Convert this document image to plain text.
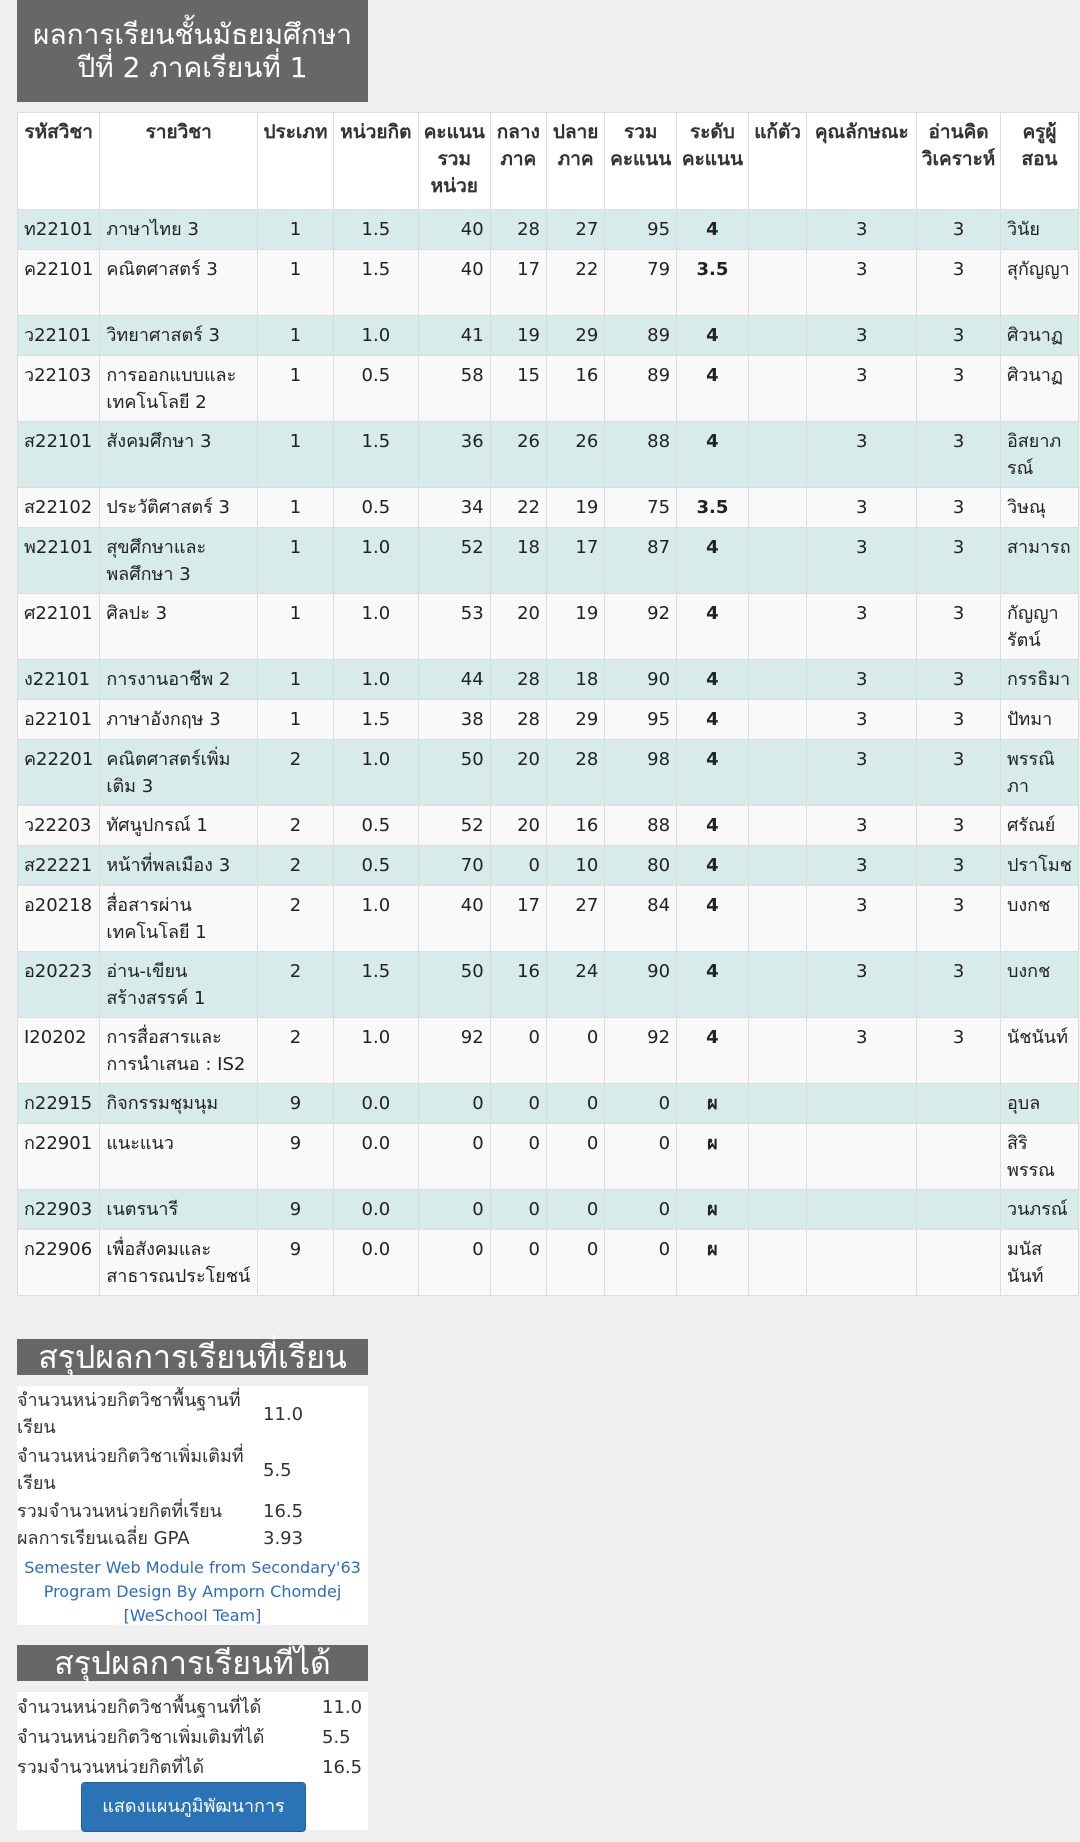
ผลการเรียนชั้นมัธยมศึกษาปีที่ 2 ภาคเรียนที่ 1
รหัสวิชา	รายวิชา	ประเภท	หน่วยกิต	คะแนนรวมหน่วย	กลางภาค	ปลายภาค	รวมคะแนน	ระดับคะแนน	แก้ตัว	คุณลักษณะ	อ่านคิดวิเคราะห์	ครูผู้สอน
ท22101	ภาษาไทย 3	1	1.5	40	28	27	95	4		3	3	วินัย
ค22101	คณิตศาสตร์ 3	1	1.5	40	17	22	79	3.5		3	3	สุกัญญา
ว22101	วิทยาศาสตร์ 3	1	1.0	41	19	29	89	4		3	3	ศิวนาฏ
ว22103	การออกแบบและเทคโนโลยี 2	1	0.5	58	15	16	89	4		3	3	ศิวนาฏ
ส22101	สังคมศึกษา 3	1	1.5	36	26	26	88	4		3	3	อิสยาภรณ์
ส22102	ประวัติศาสตร์ 3	1	0.5	34	22	19	75	3.5		3	3	วิษณุ
พ22101	สุขศึกษาและพลศึกษา 3	1	1.0	52	18	17	87	4		3	3	สามารถ
ศ22101	ศิลปะ 3	1	1.0	53	20	19	92	4		3	3	กัญญารัตน์
ง22101	การงานอาชีพ 2	1	1.0	44	28	18	90	4		3	3	กรรธิมา
อ22101	ภาษาอังกฤษ 3	1	1.5	38	28	29	95	4		3	3	ปัทมา
ค22201	คณิตศาสตร์เพิ่มเติม 3	2	1.0	50	20	28	98	4		3	3	พรรณิภา
ว22203	ทัศนูปกรณ์ 1	2	0.5	52	20	16	88	4		3	3	ศรัณย์
ส22221	หน้าที่พลเมือง 3	2	0.5	70	0	10	80	4		3	3	ปราโมช
อ20218	สื่อสารผ่านเทคโนโลยี 1	2	1.0	40	17	27	84	4		3	3	บงกช
อ20223	อ่าน-เขียนสร้างสรรค์ 1	2	1.5	50	16	24	90	4		3	3	บงกช
I20202	การสื่อสารและการนำเสนอ : IS2	2	1.0	92	0	0	92	4		3	3	นัชนันท์
ก22915	กิจกรรมชุมนุม	9	0.0	0	0	0	0	ผ				อุบล
ก22901	แนะแนว	9	0.0	0	0	0	0	ผ				สิริพรรณ
ก22903	เนตรนารี	9	0.0	0	0	0	0	ผ				วนภรณ์
ก22906	เพื่อสังคมและสาธารณประโยชน์	9	0.0	0	0	0	0	ผ				มนัสนันท์
สรุปผลการเรียนที่เรียน
จำนวนหน่วยกิตวิชาพื้นฐานที่เรียน
11.0
จำนวนหน่วยกิตวิชาเพิ่มเติมที่เรียน
5.5
รวมจำนวนหน่วยกิตที่เรียน	16.5
ผลการเรียนเฉลี่ย GPA	3.93
Semester Web Module from Secondary'63
Program Design By Amporn Chomdej
[WeSchool Team]
สรุปผลการเรียนที่ได้
จำนวนหน่วยกิตวิชาพื้นฐานที่ได้	11.0
จำนวนหน่วยกิตวิชาเพิ่มเติมที่ได้	5.5
รวมจำนวนหน่วยกิตที่ได้	16.5
แสดงแผนภูมิพัฒนาการ
